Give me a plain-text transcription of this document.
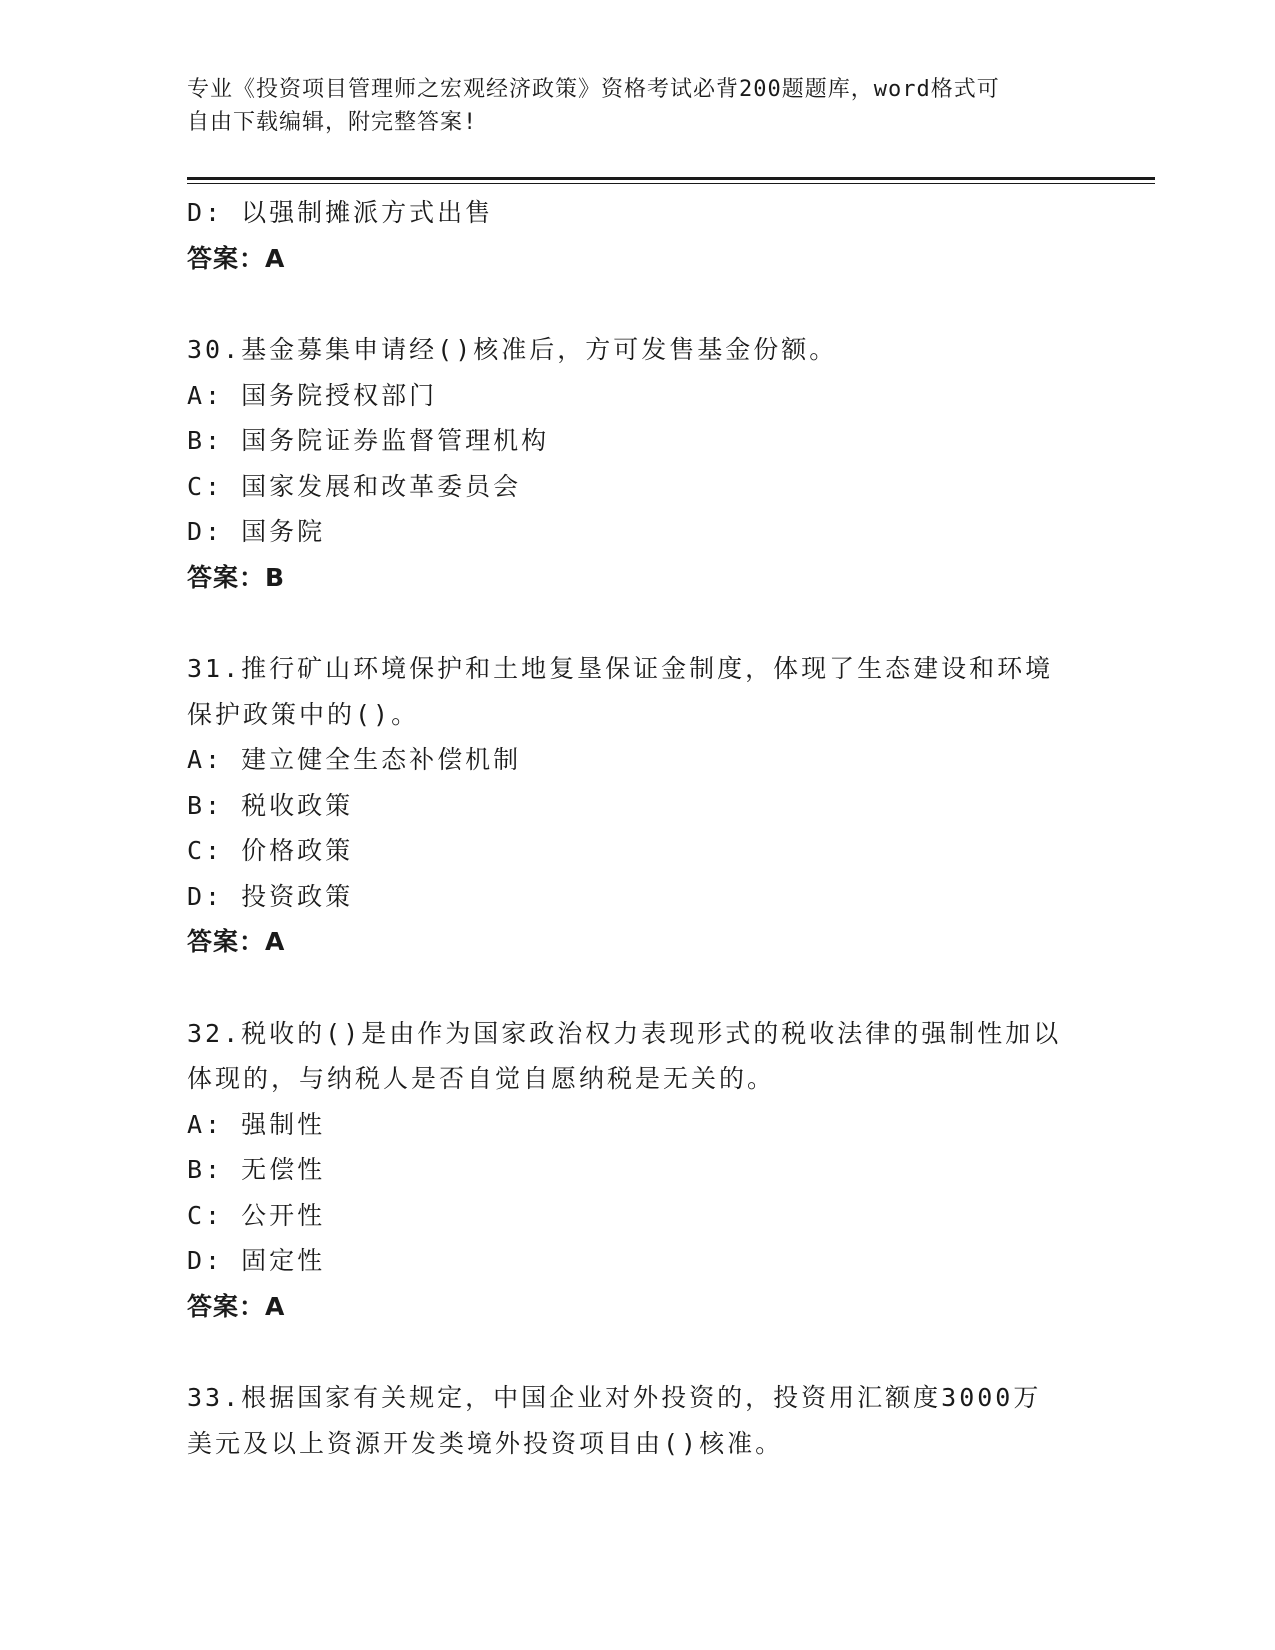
专业《投资项目管理师之宏观经济政策》资格考试必背200题题库，word格式可
自由下载编辑，附完整答案!
D: 以强制摊派方式出售
答案：A
30.基金募集申请经()核准后，方可发售基金份额。
A: 国务院授权部门
B: 国务院证券监督管理机构
C: 国家发展和改革委员会
D: 国务院
答案：B
31.推行矿山环境保护和土地复垦保证金制度，体现了生态建设和环境
保护政策中的()。
A: 建立健全生态补偿机制
B: 税收政策
C: 价格政策
D: 投资政策
答案：A
32.税收的()是由作为国家政治权力表现形式的税收法律的强制性加以
体现的，与纳税人是否自觉自愿纳税是无关的。
A: 强制性
B: 无偿性
C: 公开性
D: 固定性
答案：A
33.根据国家有关规定，中国企业对外投资的，投资用汇额度3000万
美元及以上资源开发类境外投资项目由()核准。
